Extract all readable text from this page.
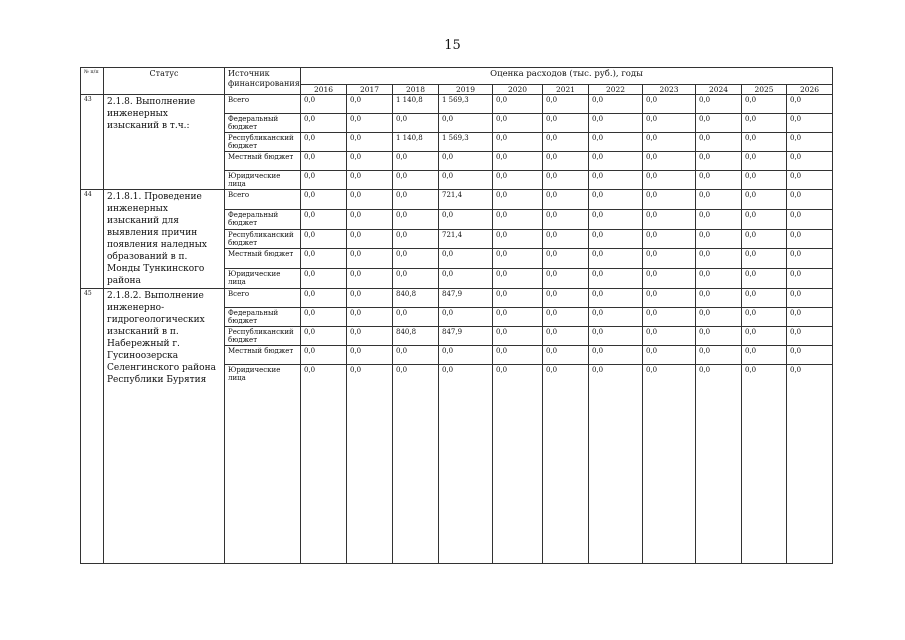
15
№ п/п	Статус	Источник финансирования	Оценка расходов (тыс. руб.), годы										
			2016	2017	2018	2019	2020	2021	2022	2023	2024	2025	2026
43	2.1.8. Выполнение инженерных изысканий в т.ч.:	Всего	0,0	0,0	1 140,8	1 569,3	0,0	0,0	0,0	0,0	0,0	0,0	0,0
		Федеральный бюджет	0,0	0,0	0,0	0,0	0,0	0,0	0,0	0,0	0,0	0,0	0,0
		Республиканский бюджет	0,0	0,0	1 140,8	1 569,3	0,0	0,0	0,0	0,0	0,0	0,0	0,0
		Местный бюджет	0,0	0,0	0,0	0,0	0,0	0,0	0,0	0,0	0,0	0,0	0,0
		Юридические лица	0,0	0,0	0,0	0,0	0,0	0,0	0,0	0,0	0,0	0,0	0,0
44	2.1.8.1. Проведение инженерных изысканий для выявления причин появления наледных образований в п. Монды Тункинского района	Всего	0,0	0,0	0,0	721,4	0,0	0,0	0,0	0,0	0,0	0,0	0,0
		Федеральный бюджет	0,0	0,0	0,0	0,0	0,0	0,0	0,0	0,0	0,0	0,0	0,0
		Республиканский бюджет	0,0	0,0	0,0	721,4	0,0	0,0	0,0	0,0	0,0	0,0	0,0
		Местный бюджет	0,0	0,0	0,0	0,0	0,0	0,0	0,0	0,0	0,0	0,0	0,0
		Юридические лица	0,0	0,0	0,0	0,0	0,0	0,0	0,0	0,0	0,0	0,0	0,0
45	2.1.8.2. Выполнение инженерно-гидрогеологических изысканий в п. Набережный г. Гусиноозерска Селенгинского района Республики Бурятия	Всего	0,0	0,0	840,8	847,9	0,0	0,0	0,0	0,0	0,0	0,0	0,0
		Федеральный бюджет	0,0	0,0	0,0	0,0	0,0	0,0	0,0	0,0	0,0	0,0	0,0
		Республиканский бюджет	0,0	0,0	840,8	847,9	0,0	0,0	0,0	0,0	0,0	0,0	0,0
		Местный бюджет	0,0	0,0	0,0	0,0	0,0	0,0	0,0	0,0	0,0	0,0	0,0
		Юридические лица	0,0	0,0	0,0	0,0	0,0	0,0	0,0	0,0	0,0	0,0	0,0
